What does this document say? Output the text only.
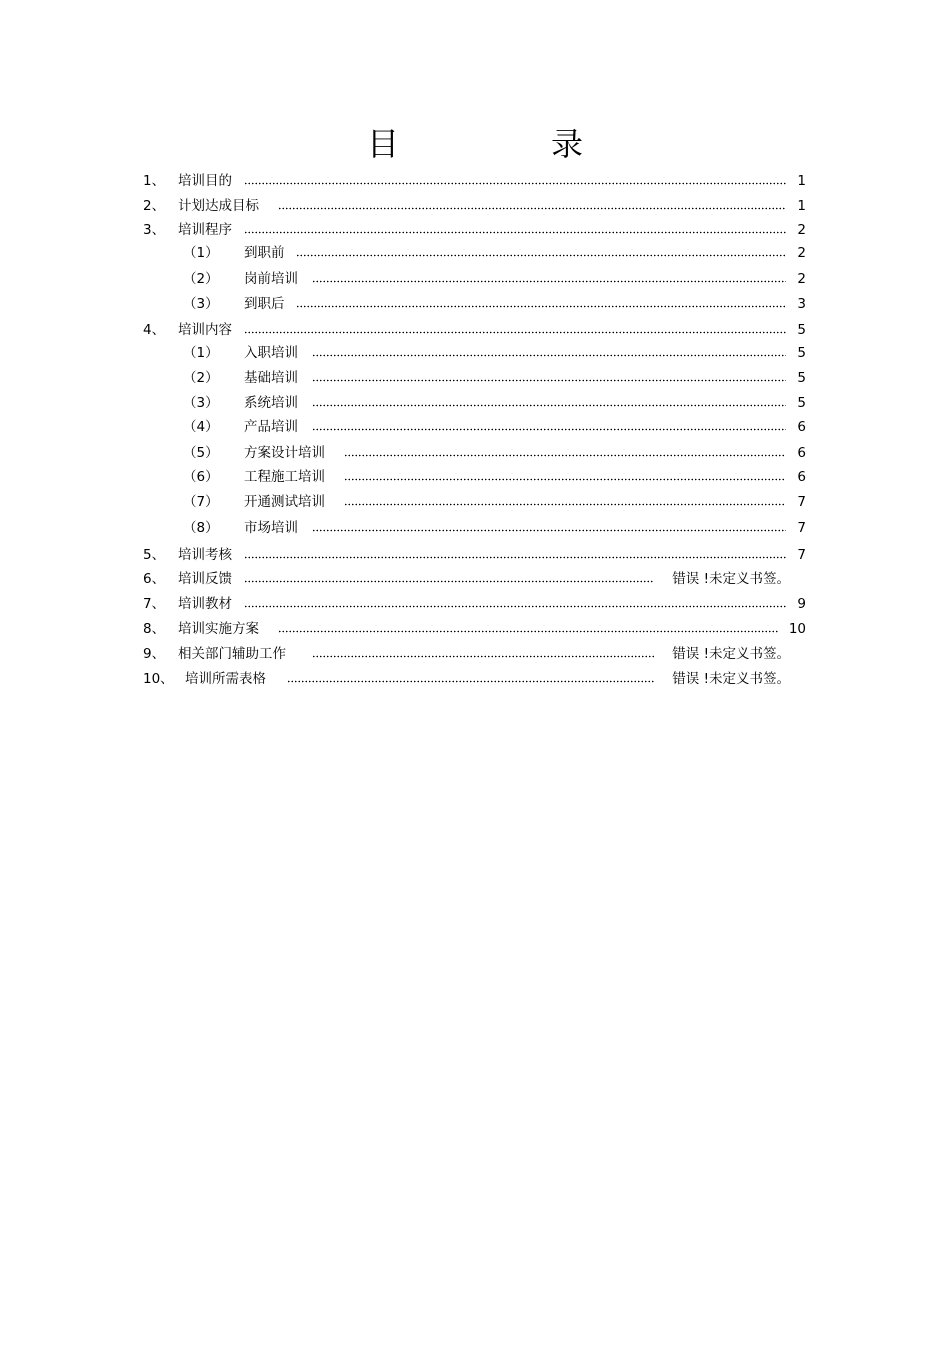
目　录
1、 培训目的	1
2、 计划达成目标	1
3、 培训程序	2
（1） 到职前	2
（2） 岗前培训	2
（3） 到职后	3
4、 培训内容	5
（1） 入职培训	5
（2） 基础培训	5
（3） 系统培训	5
（4） 产品培训	6
（5） 方案设计培训	6
（6） 工程施工培训	6
（7） 开通测试培训	7
（8） 市场培训	7
5、 培训考核	7
6、 培训反馈	错误 !未定义书签。
7、 培训教材	9
8、 培训实施方案	10
9、 相关部门辅助工作	错误 !未定义书签。
10、 培训所需表格	错误 !未定义书签。
